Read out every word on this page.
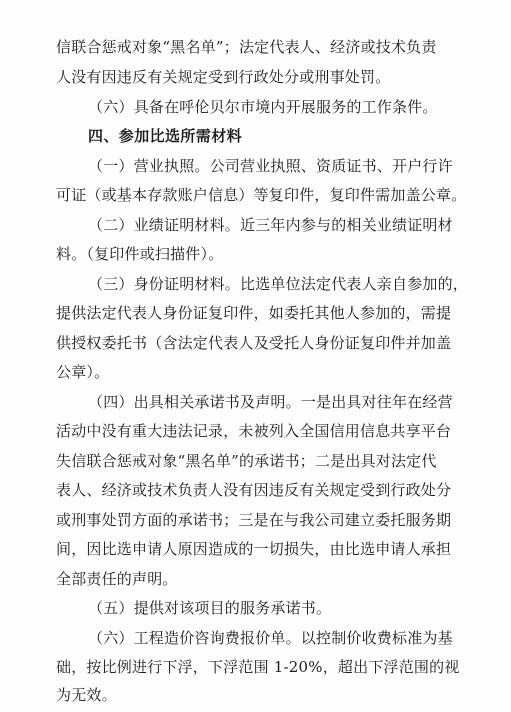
信联合惩戒对象“黑名单”；法定代表人、经济或技术负责
人没有因违反有关规定受到行政处分或刑事处罚。
（六）具备在呼伦贝尔市境内开展服务的工作条件。
四、参加比选所需材料
（一）营业执照。公司营业执照、资质证书、开户行许
可证（或基本存款账户信息）等复印件，复印件需加盖公章。
（二）业绩证明材料。近三年内参与的相关业绩证明材
料。（复印件或扫描件）。
（三）身份证明材料。比选单位法定代表人亲自参加的，
提供法定代表人身份证复印件，如委托其他人参加的，需提
供授权委托书（含法定代表人及受托人身份证复印件并加盖
公章）。
（四）出具相关承诺书及声明。一是出具对往年在经营
活动中没有重大违法记录，未被列入全国信用信息共享平台
失信联合惩戒对象“黑名单”的承诺书；二是出具对法定代
表人、经济或技术负责人没有因违反有关规定受到行政处分
或刑事处罚方面的承诺书；三是在与我公司建立委托服务期
间，因比选申请人原因造成的一切损失，由比选申请人承担
全部责任的声明。
（五）提供对该项目的服务承诺书。
（六）工程造价咨询费报价单。以控制价收费标准为基
础，按比例进行下浮，下浮范围 1-20%，超出下浮范围的视
为无效。
